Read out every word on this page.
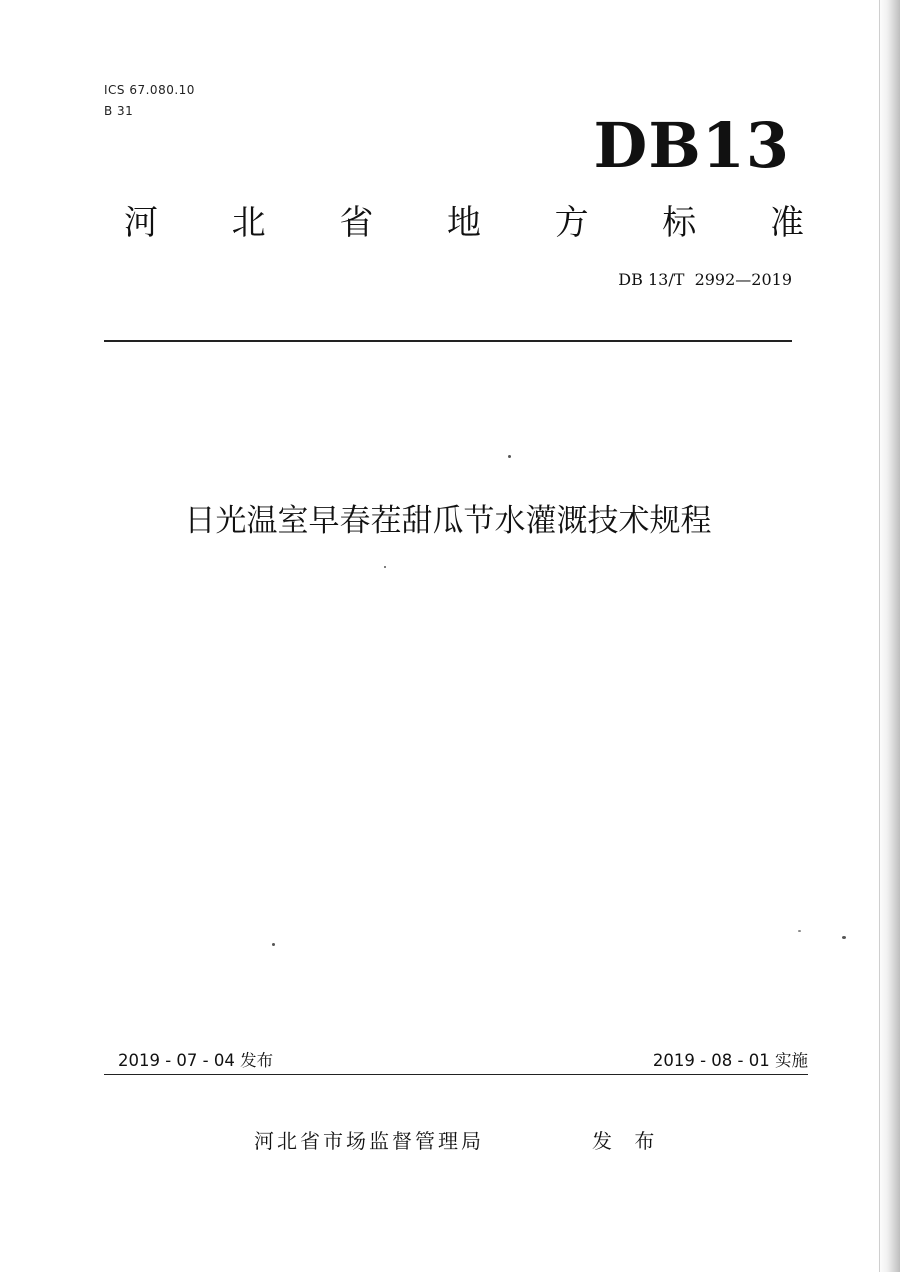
ICS 67.080.10
B 31	DB13
河 北 省 地 方 标 准
DB 13/T  2992—2019
日光温室早春茬甜瓜节水灌溉技术规程
2019 - 07 - 04 发布	2019 - 08 - 01 实施
河北省市场监督管理局	发 布
